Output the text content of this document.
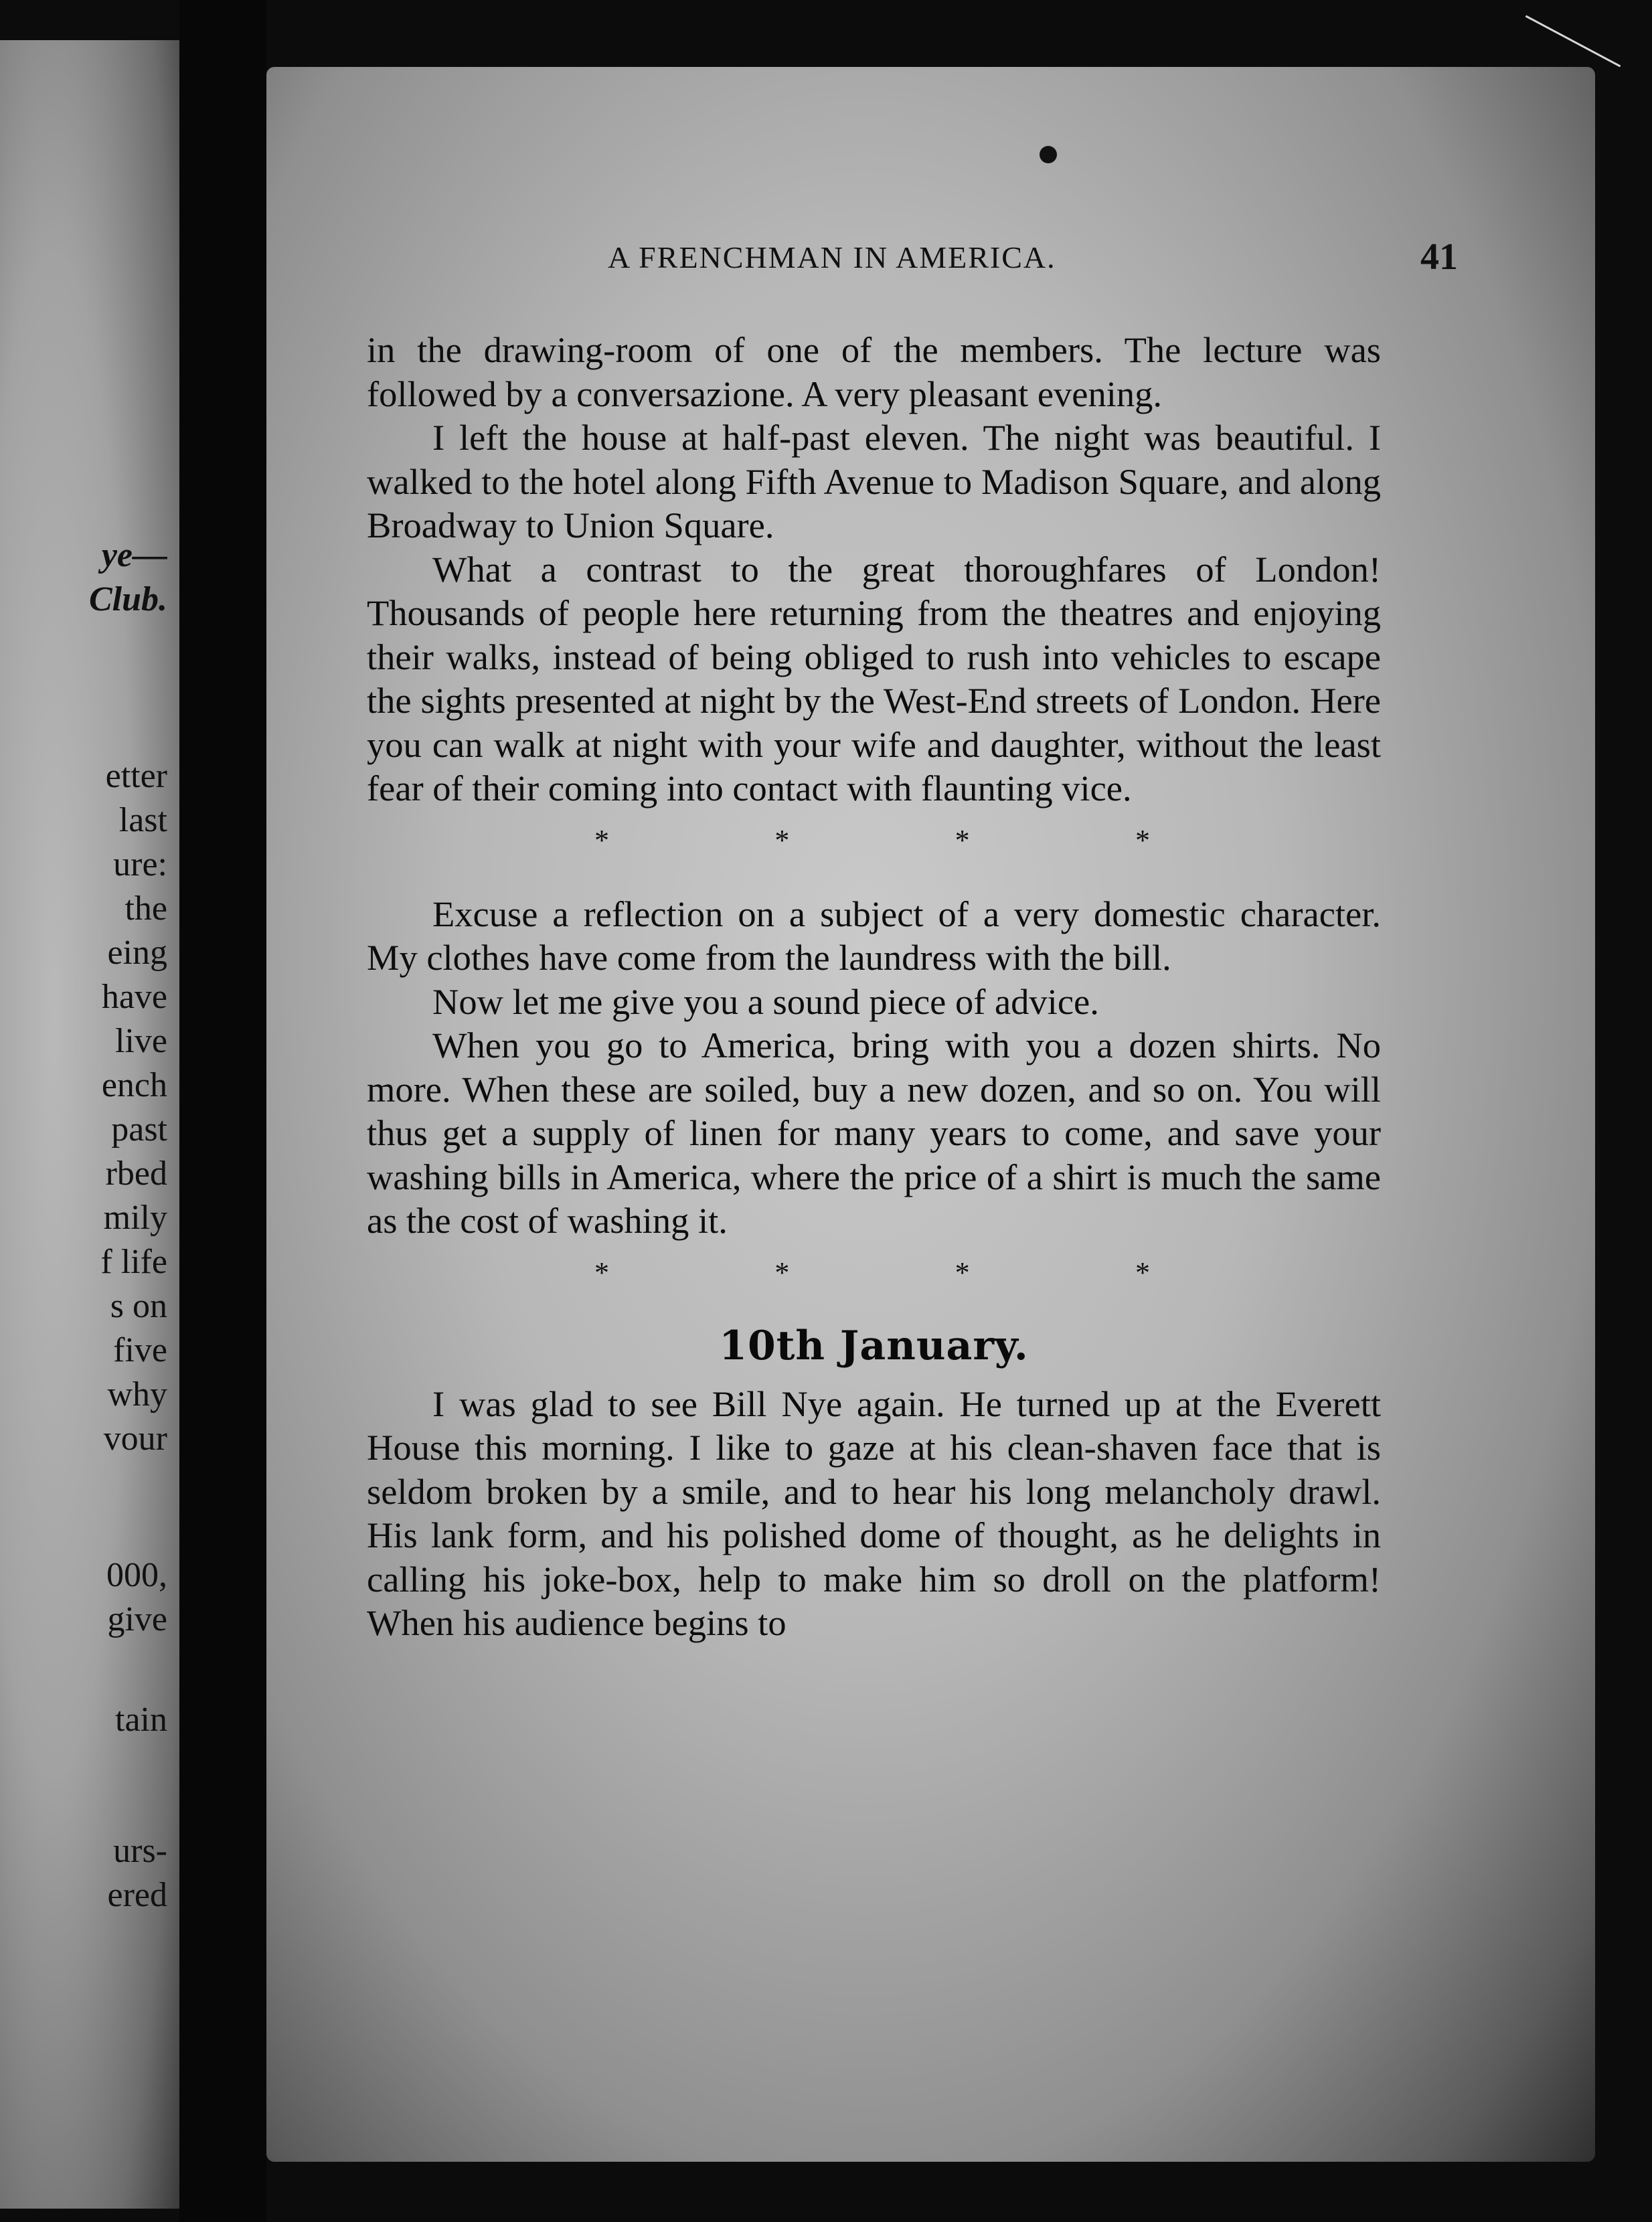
ye—
Club.
etter
last
ure:
the
eing
have
live
ench
past
rbed
mily
f life
s on
five
why
vour
000,
give
tain
urs-
ered
A FRENCHMAN IN AMERICA.	41

in the drawing-room of one of the members. The lecture was followed by a conversazione. A very pleasant evening.

I left the house at half-past eleven. The night was beautiful. I walked to the hotel along Fifth Avenue to Madison Square, and along Broadway to Union Square.

What a contrast to the great thoroughfares of London! Thousands of people here returning from the theatres and enjoying their walks, instead of being obliged to rush into vehicles to escape the sights presented at night by the West-End streets of London. Here you can walk at night with your wife and daughter, without the least fear of their coming into contact with flaunting vice.

*	*	*	*

Excuse a reflection on a subject of a very domestic character. My clothes have come from the laundress with the bill.

Now let me give you a sound piece of advice.

When you go to America, bring with you a dozen shirts. No more. When these are soiled, buy a new dozen, and so on. You will thus get a supply of linen for many years to come, and save your washing bills in America, where the price of a shirt is much the same as the cost of washing it.

*	*	*	*
10th January.

I was glad to see Bill Nye again. He turned up at the Everett House this morning. I like to gaze at his clean-shaven face that is seldom broken by a smile, and to hear his long melancholy drawl. His lank form, and his polished dome of thought, as he delights in calling his joke-box, help to make him so droll on the platform! When his audience begins to
